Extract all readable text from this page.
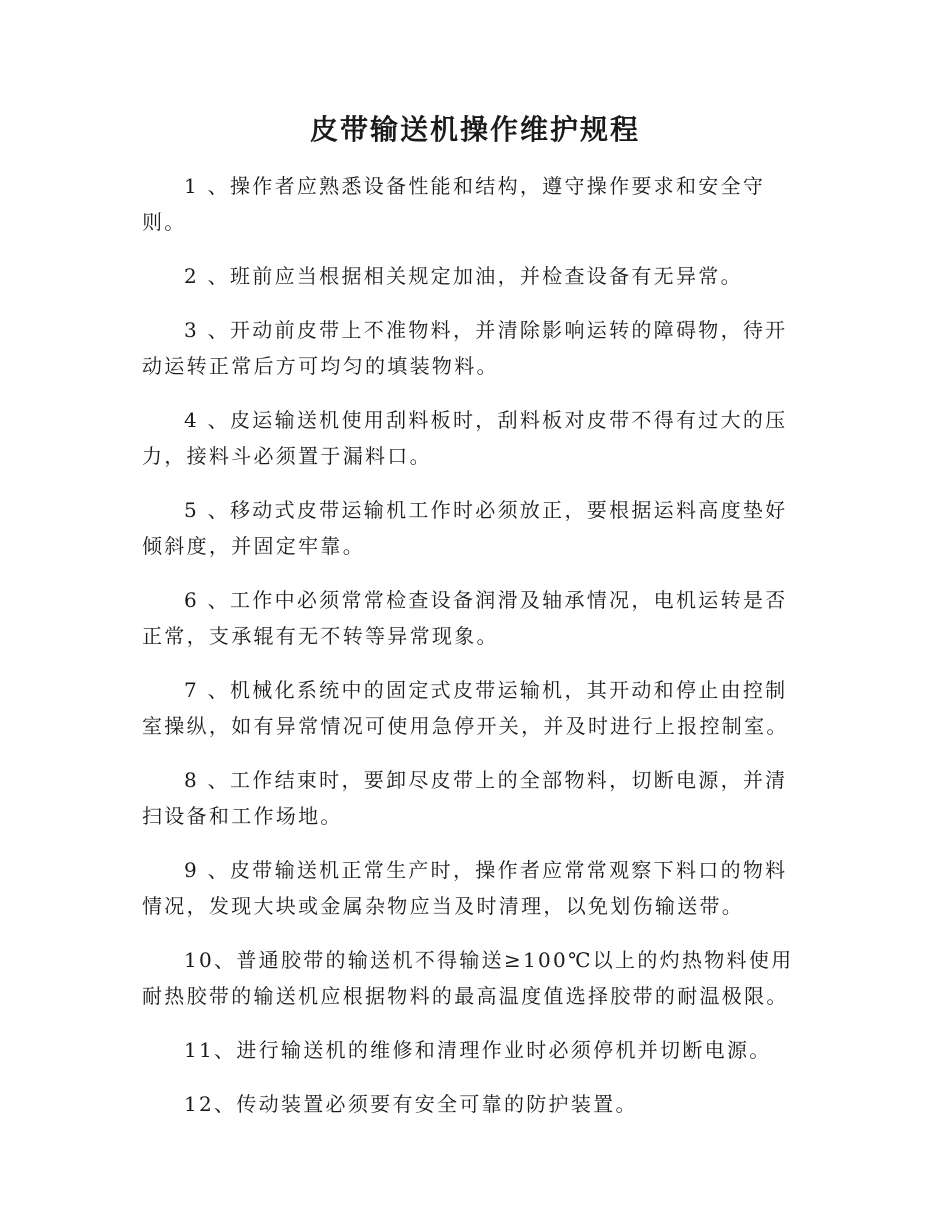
皮带输送机操作维护规程

1 、操作者应熟悉设备性能和结构，遵守操作要求和安全守则。

2 、班前应当根据相关规定加油，并检查设备有无异常。

3 、开动前皮带上不准物料，并清除影响运转的障碍物，待开动运转正常后方可均匀的填装物料。

4 、皮运输送机使用刮料板时，刮料板对皮带不得有过大的压力，接料斗必须置于漏料口。

5 、移动式皮带运输机工作时必须放正，要根据运料高度垫好倾斜度，并固定牢靠。

6 、工作中必须常常检查设备润滑及轴承情况，电机运转是否正常，支承辊有无不转等异常现象。

7 、机械化系统中的固定式皮带运输机，其开动和停止由控制室操纵，如有异常情况可使用急停开关，并及时进行上报控制室。

8 、工作结束时，要卸尽皮带上的全部物料，切断电源，并清扫设备和工作场地。

9 、皮带输送机正常生产时，操作者应常常观察下料口的物料情况，发现大块或金属杂物应当及时清理，以免划伤输送带。

10、普通胶带的输送机不得输送≥100℃以上的灼热物料使用耐热胶带的输送机应根据物料的最高温度值选择胶带的耐温极限。

11、进行输送机的维修和清理作业时必须停机并切断电源。

12、传动装置必须要有安全可靠的防护装置。
